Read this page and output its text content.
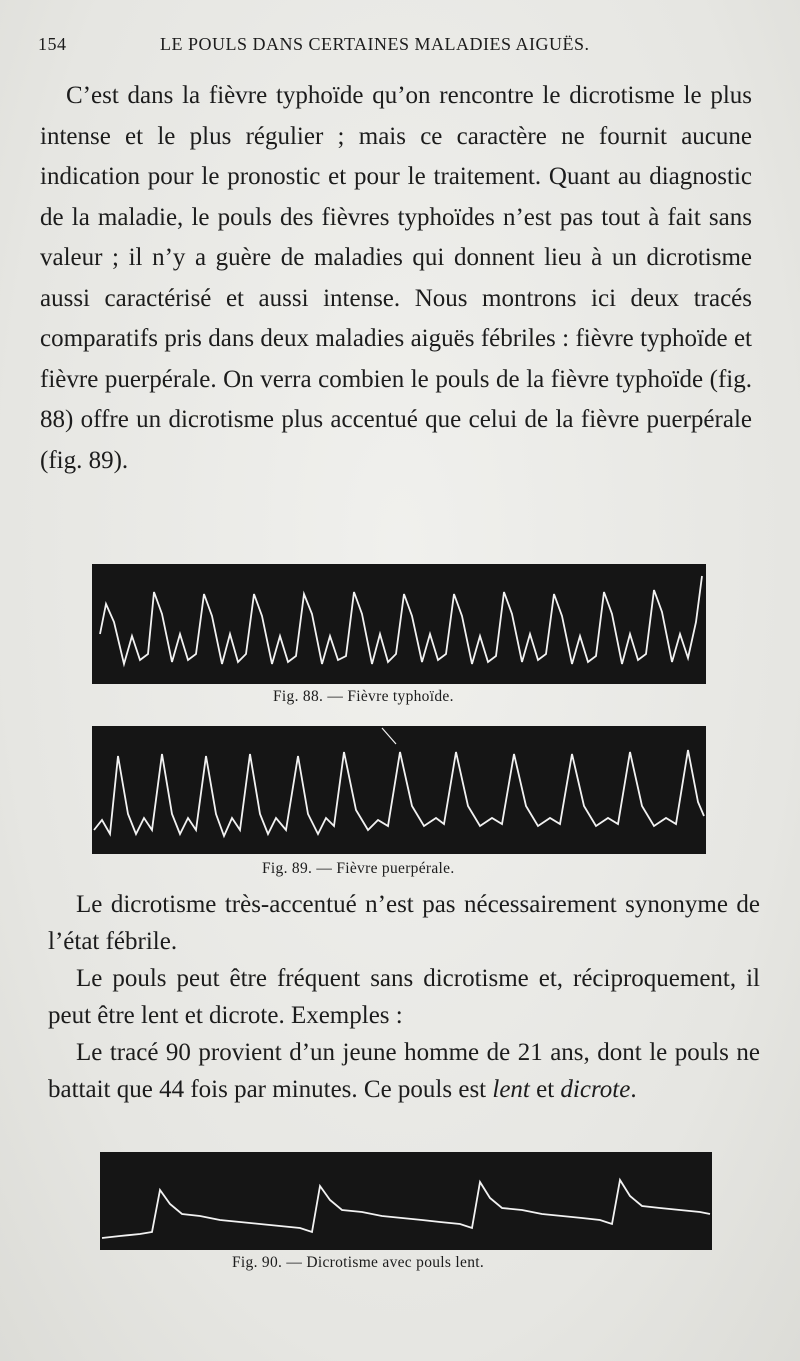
154	LE POULS DANS CERTAINES MALADIES AIGUËS.

C’est dans la fièvre typhoïde qu’on rencontre le dicrotisme le plus intense et le plus régulier ; mais ce caractère ne fournit aucune indication pour le pronostic et pour le traitement. Quant au diagnostic de la maladie, le pouls des fièvres typhoïdes n’est pas tout à fait sans valeur ; il n’y a guère de maladies qui donnent lieu à un dicrotisme aussi caractérisé et aussi intense. Nous montrons ici deux tracés comparatifs pris dans deux maladies aiguës fébriles : fièvre typhoïde et fièvre puerpérale. On verra combien le pouls de la fièvre typhoïde (fig. 88) offre un dicrotisme plus accentué que celui de la fièvre puerpérale (fig. 89).

Fig. 88. — Fièvre typhoïde.
Fig. 89. — Fièvre puerpérale.

Le dicrotisme très-accentué n’est pas nécessairement synonyme de l’état fébrile.

Le pouls peut être fréquent sans dicrotisme et, réciproquement, il peut être lent et dicrote. Exemples :

Le tracé 90 provient d’un jeune homme de 21 ans, dont le pouls ne battait que 44 fois par minutes. Ce pouls est lent et dicrote.

Fig. 90. — Dicrotisme avec pouls lent.
